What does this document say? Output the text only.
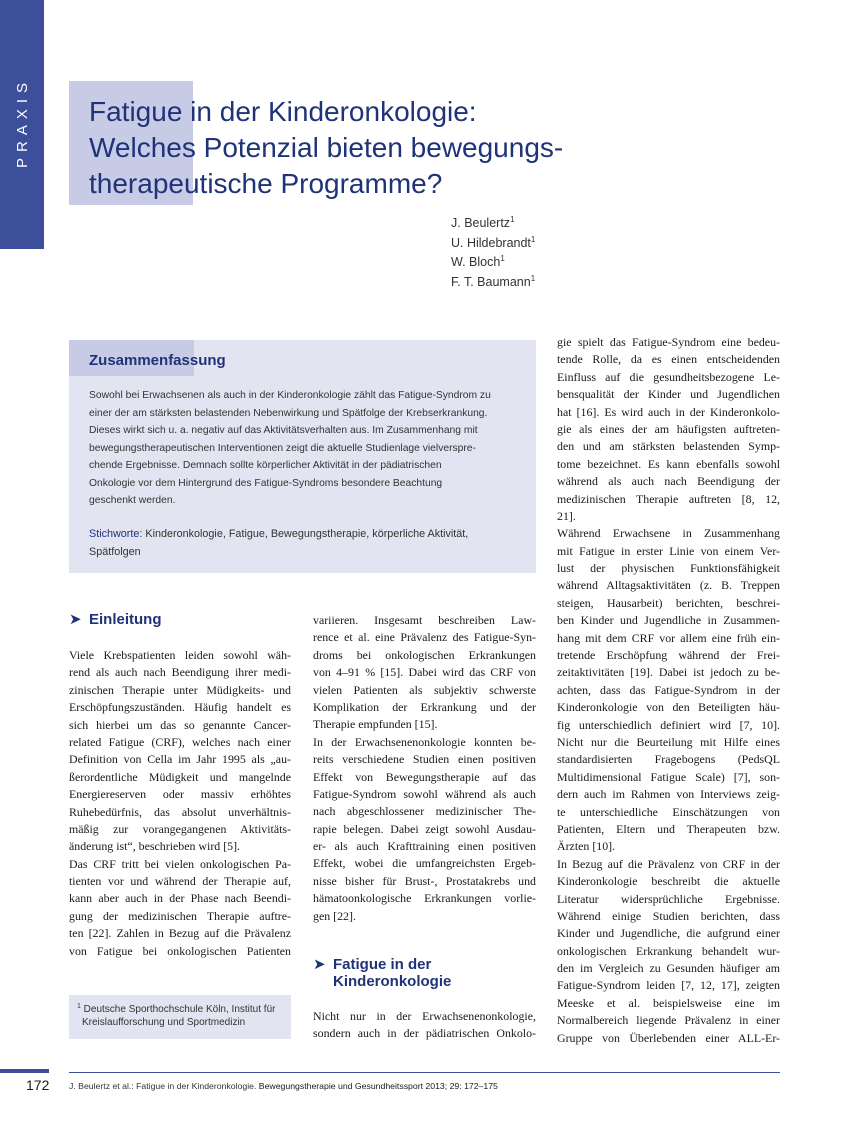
PRAXIS Fatigue in der Kinderonkologie:
Welches Potenzial bieten bewegungs-
therapeutische Programme?
J. Beulertz$^1$
U. Hildebrandt$^1$
W. Bloch$^1$
F. T. Baumann$^1$
Zusammenfassung
Sowohl bei Erwachsenen als auch in der Kinderonkologie zählt das Fatigue-Syndrom zu
einer der am stärksten belastenden Nebenwirkung und Spätfolge der Krebserkrankung.
Dieses wirkt sich u. a. negativ auf das Aktivitätsverhalten aus. Im Zusammenhang mit
bewegungstherapeutischen Interventionen zeigt die aktuelle Studienlage vielverspre-
chende Ergebnisse. Demnach sollte körperlicher Aktivität in der pädiatrischen
Onkologie vor dem Hintergrund des Fatigue-Syndroms besondere Beachtung
geschenkt werden.
Stichworte: Kinderonkologie, Fatigue, Bewegungstherapie, körperliche Aktivität,
Spätfolgen
➤ Einleitung
Viele Krebspatienten leiden sowohl wäh-
rend als auch nach Beendigung ihrer medi-
zinischen Therapie unter Müdigkeits- und
Erschöpfungszuständen. Häufig handelt es
sich hierbei um das so genannte Cancer-
related Fatigue (CRF), welches nach einer
Definition von Cella im Jahr 1995 als „au-
ßerordentliche Müdigkeit und mangelnde
Energiereserven oder massiv erhöhtes
Ruhebedürfnis, das absolut unverhältnis-
mäßig zur vorangegangenen Aktivitäts-
änderung ist“, beschrieben wird [5].
Das CRF tritt bei vielen onkologischen Pa-
tienten vor und während der Therapie auf,
kann aber auch in der Phase nach Beendi-
gung der medizinischen Therapie auftre-
ten [22]. Zahlen in Bezug auf die Prävalenz
von Fatigue bei onkologischen Patienten
variieren. Insgesamt beschreiben Law-
rence et al. eine Prävalenz des Fatigue-Syn-
droms bei onkologischen Erkrankungen
von 4–91 % [15]. Dabei wird das CRF von
vielen Patienten als subjektiv schwerste
Komplikation der Erkrankung und der
Therapie empfunden [15].
In der Erwachsenenonkologie konnten be-
reits verschiedene Studien einen positiven
Effekt von Bewegungstherapie auf das
Fatigue-Syndrom sowohl während als auch
nach abgeschlossener medizinischer The-
rapie belegen. Dabei zeigt sowohl Ausdau-
er- als auch Krafttraining einen positiven
Effekt, wobei die umfangreichsten Ergeb-
nisse bisher für Brust-, Prostatakrebs und
hämatoonkologische Erkrankungen vorlie-
gen [22].
➤ Fatigue in der
Kinderonkologie
Nicht nur in der Erwachsenenonkologie,
sondern auch in der pädiatrischen Onkolo-
gie spielt das Fatigue-Syndrom eine bedeu-
tende Rolle, da es einen entscheidenden
Einfluss auf die gesundheitsbezogene Le-
bensqualität der Kinder und Jugendlichen
hat [16]. Es wird auch in der Kinderonkolo-
gie als eines der am häufigsten auftreten-
den und am stärksten belastenden Symp-
tome bezeichnet. Es kann ebenfalls sowohl
während als auch nach Beendigung der
medizinischen Therapie auftreten [8, 12,
21].
Während Erwachsene in Zusammenhang
mit Fatigue in erster Linie von einem Ver-
lust der physischen Funktionsfähigkeit
während Alltagsaktivitäten (z. B. Treppen
steigen, Hausarbeit) berichten, beschrei-
ben Kinder und Jugendliche in Zusammen-
hang mit dem CRF vor allem eine früh ein-
tretende Erschöpfung während der Frei-
zeitaktivitäten [19]. Dabei ist jedoch zu be-
achten, dass das Fatigue-Syndrom in der
Kinderonkologie von den Beteiligten häu-
fig unterschiedlich definiert wird [7, 10].
Nicht nur die Beurteilung mit Hilfe eines
standardisierten Fragebogens (PedsQL
Multidimensional Fatigue Scale) [7], son-
dern auch im Rahmen von Interviews zeig-
te unterschiedliche Einschätzungen von
Patienten, Eltern und Therapeuten bzw.
Ärzten [10].
In Bezug auf die Prävalenz von CRF in der
Kinderonkologie beschreibt die aktuelle
Literatur widersprüchliche Ergebnisse.
Während einige Studien berichten, dass
Kinder und Jugendliche, die aufgrund einer
onkologischen Erkrankung behandelt wur-
den im Vergleich zu Gesunden häufiger am
Fatigue-Syndrom leiden [7, 12, 17], zeigten
Meeske et al. beispielsweise eine im
Normalbereich liegende Prävalenz in einer
Gruppe von Überlebenden einer ALL-Er-
$^1$ Deutsche Sporthochschule Köln, Institut für
Kreislaufforschung und Sportmedizin
172 J. Beulertz et al.: Fatigue in der Kinderonkologie. Bewegungstherapie und Gesundheitssport 2013; 29: 172–175
